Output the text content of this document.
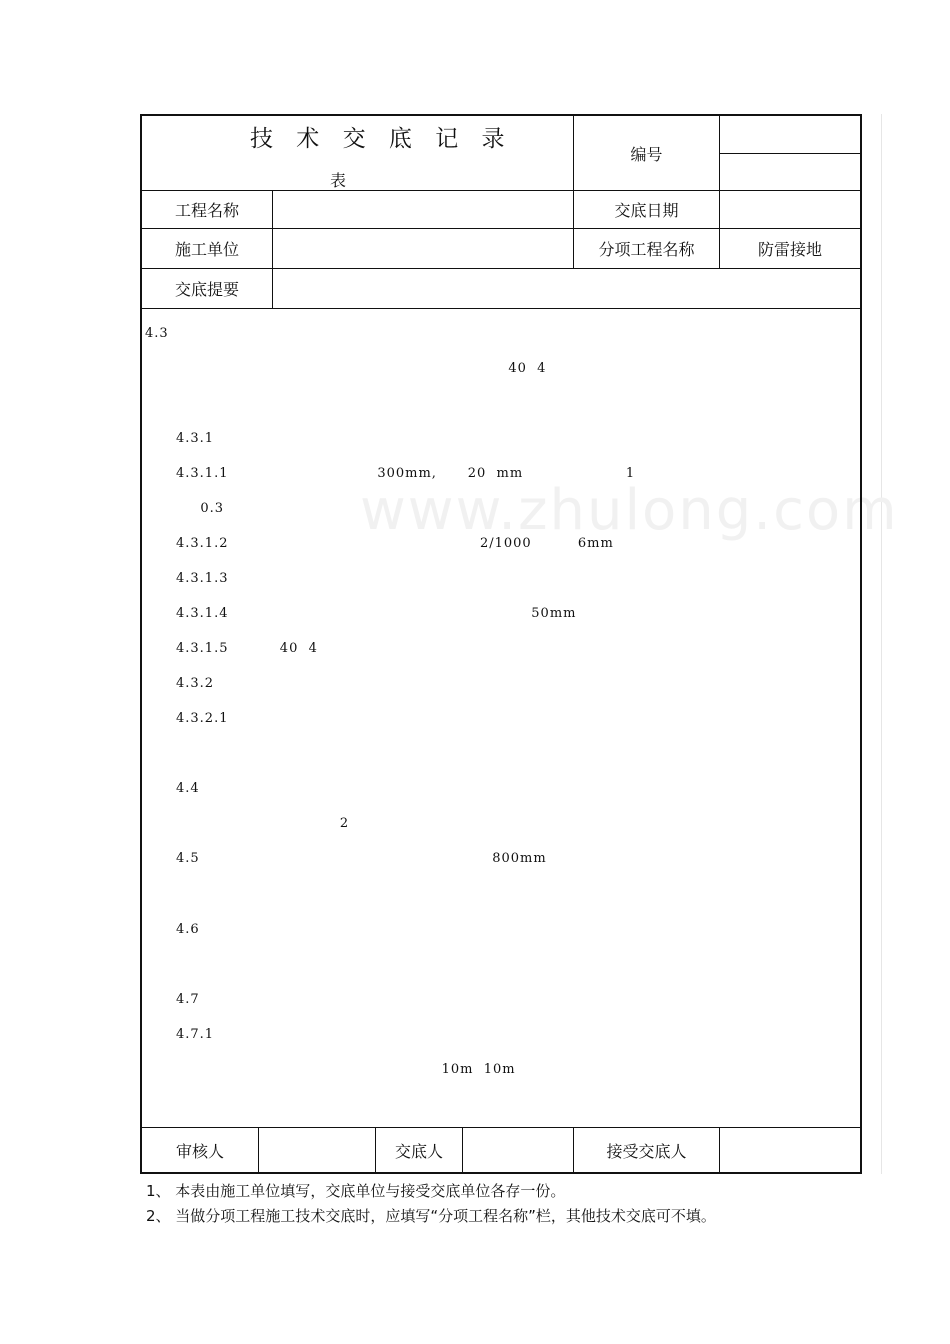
www.zhulong.com
技 术 交 底 记 录
表
编号
工程名称	交底日期
施工单位	分项工程名称	防雷接地
交底提要
4.3
40  4
4.3.1
4.3.1.1                             300mm,      20  mm                    1
0.3
4.3.1.2                                                 2/1000         6mm
4.3.1.3
4.3.1.4                                                           50mm
4.3.1.5          40  4
4.3.2
4.3.2.1
4.4
2
4.5                                                         800mm
4.6
4.7
4.7.1
10m  10m
审核人	交底人	接受交底人
1、 本表由施工单位填写，交底单位与接受交底单位各存一份。
2、 当做分项工程施工技术交底时，应填写“分项工程名称”栏，其他技术交底可不填。
